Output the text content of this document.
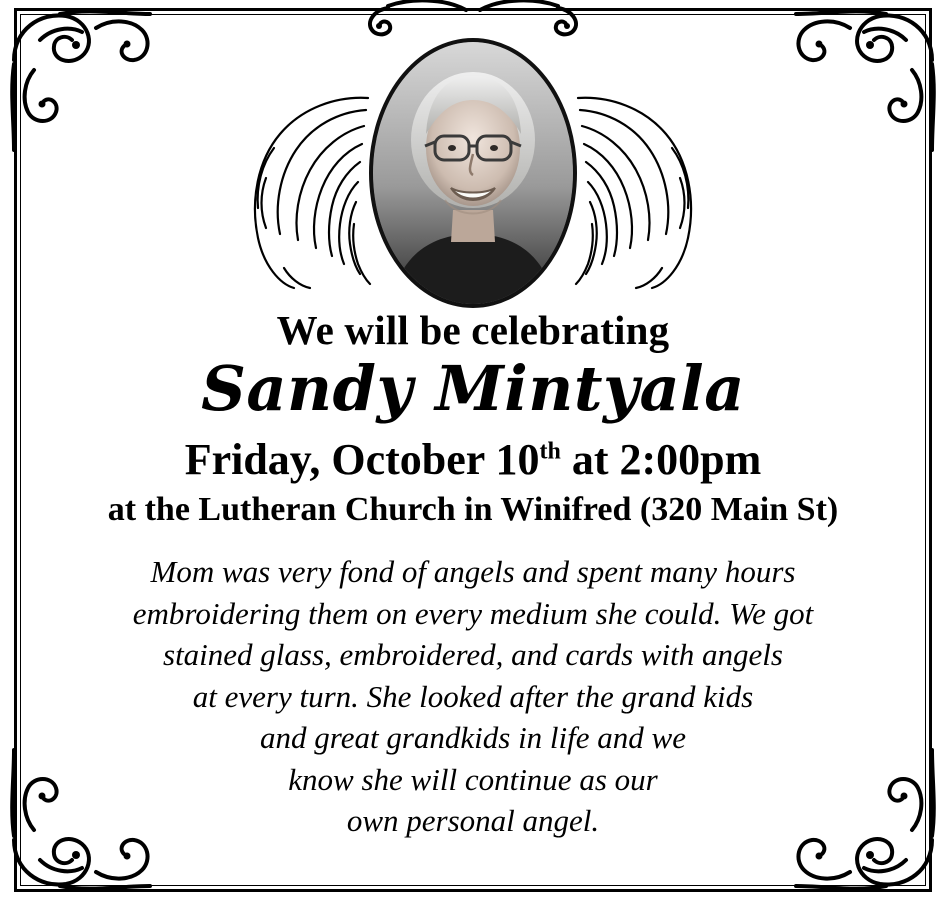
We will be celebrating
Sandy Mintyala
Friday, October 10th at 2:00pm
at the Lutheran Church in Winifred (320 Main St)

Mom was very fond of angels and spent many hours

embroidering them on every medium she could. We got

stained glass, embroidered, and cards with angels

at every turn. She looked after the grand kids

and great grandkids in life and we

know she will continue as our

own personal angel.
